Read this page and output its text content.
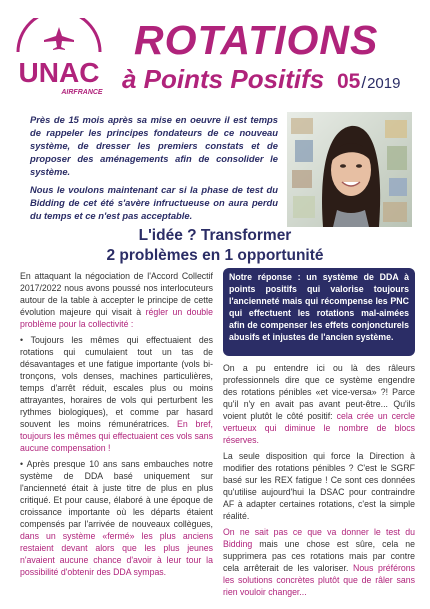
UNAC
AIRFRANCE
ROTATIONS
à Points Positifs 05 / 2019

Près de 15 mois après sa mise en oeuvre il est temps de rappeler les principes fondateurs de ce nouveau système, de dresser les premiers constats et de proposer des aménagements afin de consolider le système.

Nous le voulons maintenant car si la phase de test du Bidding de cet été s'avère infructueuse on aura perdu du temps et ce n'est pas acceptable.

L'idée ? Transformer
2 problèmes en 1 opportunité

En attaquant la négociation de l'Accord Collectif 2017/2022 nous avons poussé nos interlocuteurs autour de la table à accepter le principe de cette évolution majeure qui visait à régler un double problème pour la collectivité :

• Toujours les mêmes qui effectuaient des rotations qui cumulaient tout un tas de désavantages et une fatigue importante (vols bi-tronçons, vols denses, machines particulières, temps d'arrêt réduit, escales plus ou moins attrayantes, horaires de vols qui perturbent les rythmes biologiques), et comme par hasard souvent les moins rémunératrices. En bref, toujours les mêmes qui effectuaient ces vols sans aucune compensation !

• Après presque 10 ans sans embauches notre système de DDA basé uniquement sur l'ancienneté était à juste titre de plus en plus critiqué. Et pour cause, élaboré à une époque de croissance importante où les départs étaient compensés par l'arrivée de nouveaux collègues, dans un système «fermé» les plus anciens restaient devant alors que les plus jeunes n'avaient aucune chance d'avoir à leur tour la possibilité d'obtenir des DDA sympas.

Notre réponse : un système de DDA à points positifs qui valorise toujours l'ancienneté mais qui récompense les PNC qui effectuent les rotations mal-aimées afin de compenser les effets conjoncturels abusifs et injustes de l'ancien système.

On a pu entendre ici ou là des râleurs professionnels dire que ce système engendre des rotations pénibles «et vice-versa» ?! Parce qu'il n'y en avait pas avant peut-être... Qu'ils voient plutôt le côté positif: cela crée un cercle vertueux qui diminue le nombre de blocs réserves.

La seule disposition qui force la Direction à modifier des rotations pénibles ? C'est le SGRF basé sur les REX fatigue ! Ce sont ces données qu'utilise aujourd'hui la DSAC pour contraindre AF à adapter certaines rotations, c'est la simple réalité.

On ne sait pas ce que va donner le test du Bidding mais une chose est sûre, cela ne supprimera pas ces rotations mais par contre cela arrêterait de les valoriser. Nous préférons les solutions concrètes plutôt que de râler sans rien vouloir changer...
